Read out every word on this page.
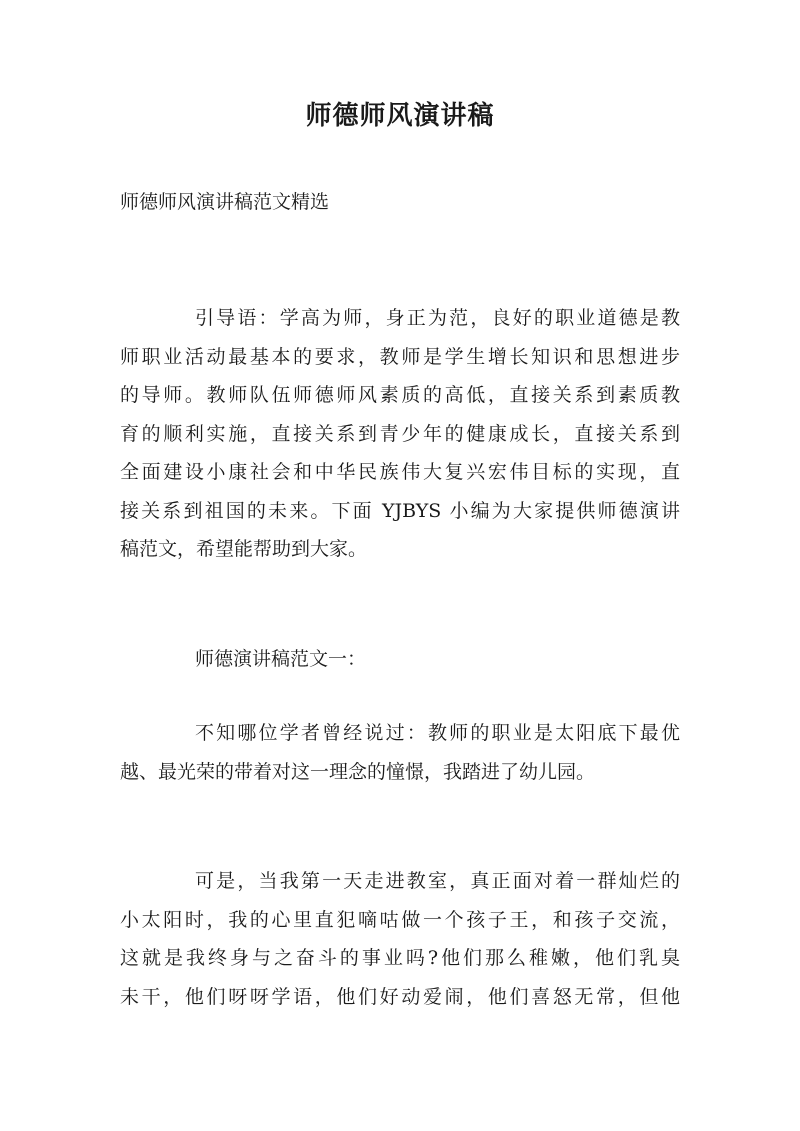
师德师风演讲稿
师德师风演讲稿范文精选
引导语：学高为师，身正为范，良好的职业道德是教
师职业活动最基本的要求，教师是学生增长知识和思想进步
的导师。教师队伍师德师风素质的高低，直接关系到素质教
育的顺利实施，直接关系到青少年的健康成长，直接关系到
全面建设小康社会和中华民族伟大复兴宏伟目标的实现，直
接关系到祖国的未来。下面 YJBYS 小编为大家提供师德演讲
稿范文，希望能帮助到大家。
师德演讲稿范文一：
不知哪位学者曾经说过：教师的职业是太阳底下最优
越、最光荣的带着对这一理念的憧憬，我踏进了幼儿园。
可是，当我第一天走进教室，真正面对着一群灿烂的
小太阳时，我的心里直犯嘀咕做一个孩子王，和孩子交流，
这就是我终身与之奋斗的事业吗?他们那么稚嫩，他们乳臭
未干，他们呀呀学语，他们好动爱闹，他们喜怒无常，但他
